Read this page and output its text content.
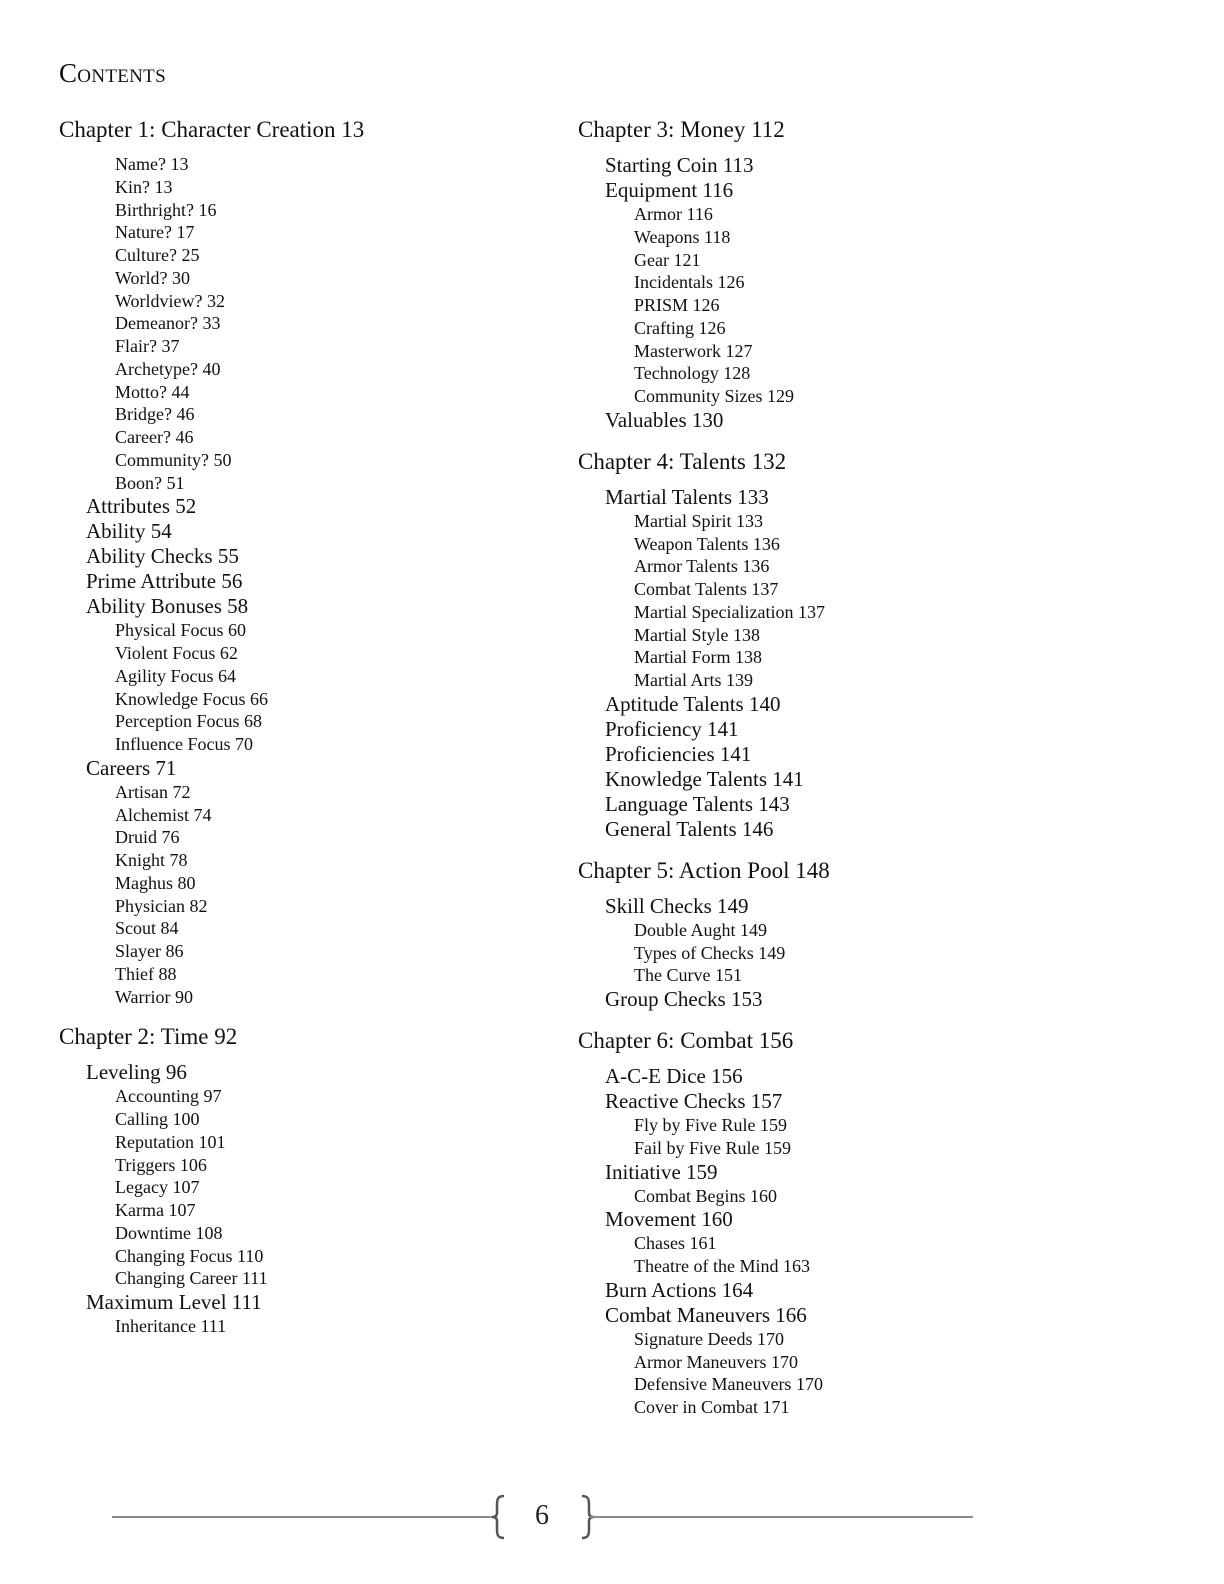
Contents
Chapter 1: Character Creation 13
Name? 13
Kin? 13
Birthright? 16
Nature? 17
Culture? 25
World? 30
Worldview? 32
Demeanor? 33
Flair? 37
Archetype? 40
Motto? 44
Bridge? 46
Career? 46
Community? 50
Boon? 51
Attributes 52
Ability 54
Ability Checks 55
Prime Attribute 56
Ability Bonuses 58
Physical Focus 60
Violent Focus 62
Agility Focus 64
Knowledge Focus 66
Perception Focus 68
Influence Focus 70
Careers 71
Artisan 72
Alchemist 74
Druid 76
Knight 78
Maghus 80
Physician 82
Scout 84
Slayer 86
Thief 88
Warrior 90
Chapter 2: Time 92
Leveling 96
Accounting 97
Calling 100
Reputation 101
Triggers 106
Legacy 107
Karma 107
Downtime 108
Changing Focus 110
Changing Career 111
Maximum Level 111
Inheritance 111
Chapter 3: Money 112
Starting Coin 113
Equipment 116
Armor 116
Weapons 118
Gear 121
Incidentals 126
PRISM 126
Crafting 126
Masterwork 127
Technology 128
Community Sizes 129
Valuables 130
Chapter 4: Talents 132
Martial Talents 133
Martial Spirit 133
Weapon Talents 136
Armor Talents 136
Combat Talents 137
Martial Specialization 137
Martial Style 138
Martial Form 138
Martial Arts 139
Aptitude Talents 140
Proficiency 141
Proficiencies 141
Knowledge Talents 141
Language Talents 143
General Talents 146
Chapter 5: Action Pool 148
Skill Checks 149
Double Aught 149
Types of Checks 149
The Curve 151
Group Checks 153
Chapter 6: Combat 156
A-C-E Dice 156
Reactive Checks 157
Fly by Five Rule 159
Fail by Five Rule 159
Initiative 159
Combat Begins 160
Movement 160
Chases 161
Theatre of the Mind 163
Burn Actions 164
Combat Maneuvers 166
Signature Deeds 170
Armor Maneuvers 170
Defensive Maneuvers 170
Cover in Combat 171
6
